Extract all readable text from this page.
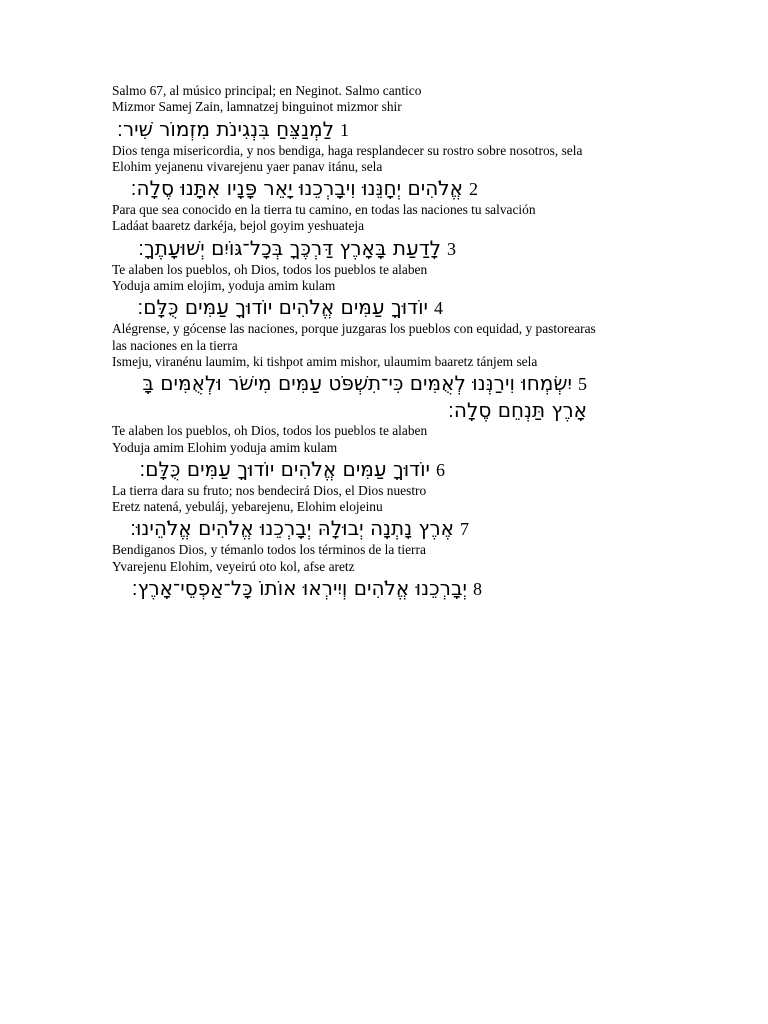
Salmo 67, al músico principal; en Neginot. Salmo cantico
Mizmor Samej Zain, lamnatzej binguinot mizmor shir
1לַמְנַצֵּחַ בִּנְגִינֹת מִזְמוֹר שִׁיר׃
Dios tenga misericordia, y nos bendiga, haga resplandecer su rostro sobre nosotros, sela
Elohim yejanenu vivarejenu yaer panav itánu, sela
2אֱלֹהִים יְחָנֵּנוּ וִיבָרְכֵנוּ יָאֵר פָּנָיו אִתָּנוּ סֶלָה׃
Para que sea conocido en la tierra tu camino, en todas las naciones tu salvación
Ladáat baaretz darkéja, bejol goyim yeshuateja
3לָדַעַת בָּאָרֶץ דַּרְכֶּךָ בְּכָל־גּוֹיִם יְשׁוּעָתֶךָ׃
Te alaben los pueblos, oh Dios, todos los pueblos te alaben
Yoduja amim elojim, yoduja amim kulam
4יוֹדוּךָ עַמִּים אֱלֹהִים יוֹדוּךָ עַמִּים כֻּלָּם׃
Alégrense, y gócense las naciones, porque juzgaras los pueblos con equidad, y pastorearas las naciones en la tierra
Ismeju, viranénu laumim, ki tishpot amim mishor, ulaumim baaretz tánjem sela
5יִשְׂמְחוּ וִירַנְּנוּ לְאֻמִּים כִּי־תִשְׁפֹּט עַמִּים מִישֹׁר וּלְאֻמִּים בָּ
אָרֶץ תַּנְחֵם סֶלָה׃
Te alaben los pueblos, oh Dios, todos los pueblos te alaben
Yoduja amim Elohim yoduja amim kulam
6יוֹדוּךָ עַמִּים אֱלֹהִים יוֹדוּךָ עַמִּים כֻּלָּם׃
La tierra dara su fruto; nos bendecirá Dios, el Dios nuestro
Eretz natená, yebuláj, yebarejenu, Elohim elojeinu
7אֶרֶץ נָתְנָה יְבוּלָהּ יְבָרְכֵנוּ אֱלֹהִים אֱלֹהֵינוּ׃
Bendiganos Dios, y témanlo todos los términos de la tierra
Yvarejenu Elohim, veyeirú oto kol, afse aretz
8יְבָרְכֵנוּ אֱלֹהִים וְיִירְאוּ אוֹתוֹ כָּל־אַפְסֵי־אָרֶץ׃
